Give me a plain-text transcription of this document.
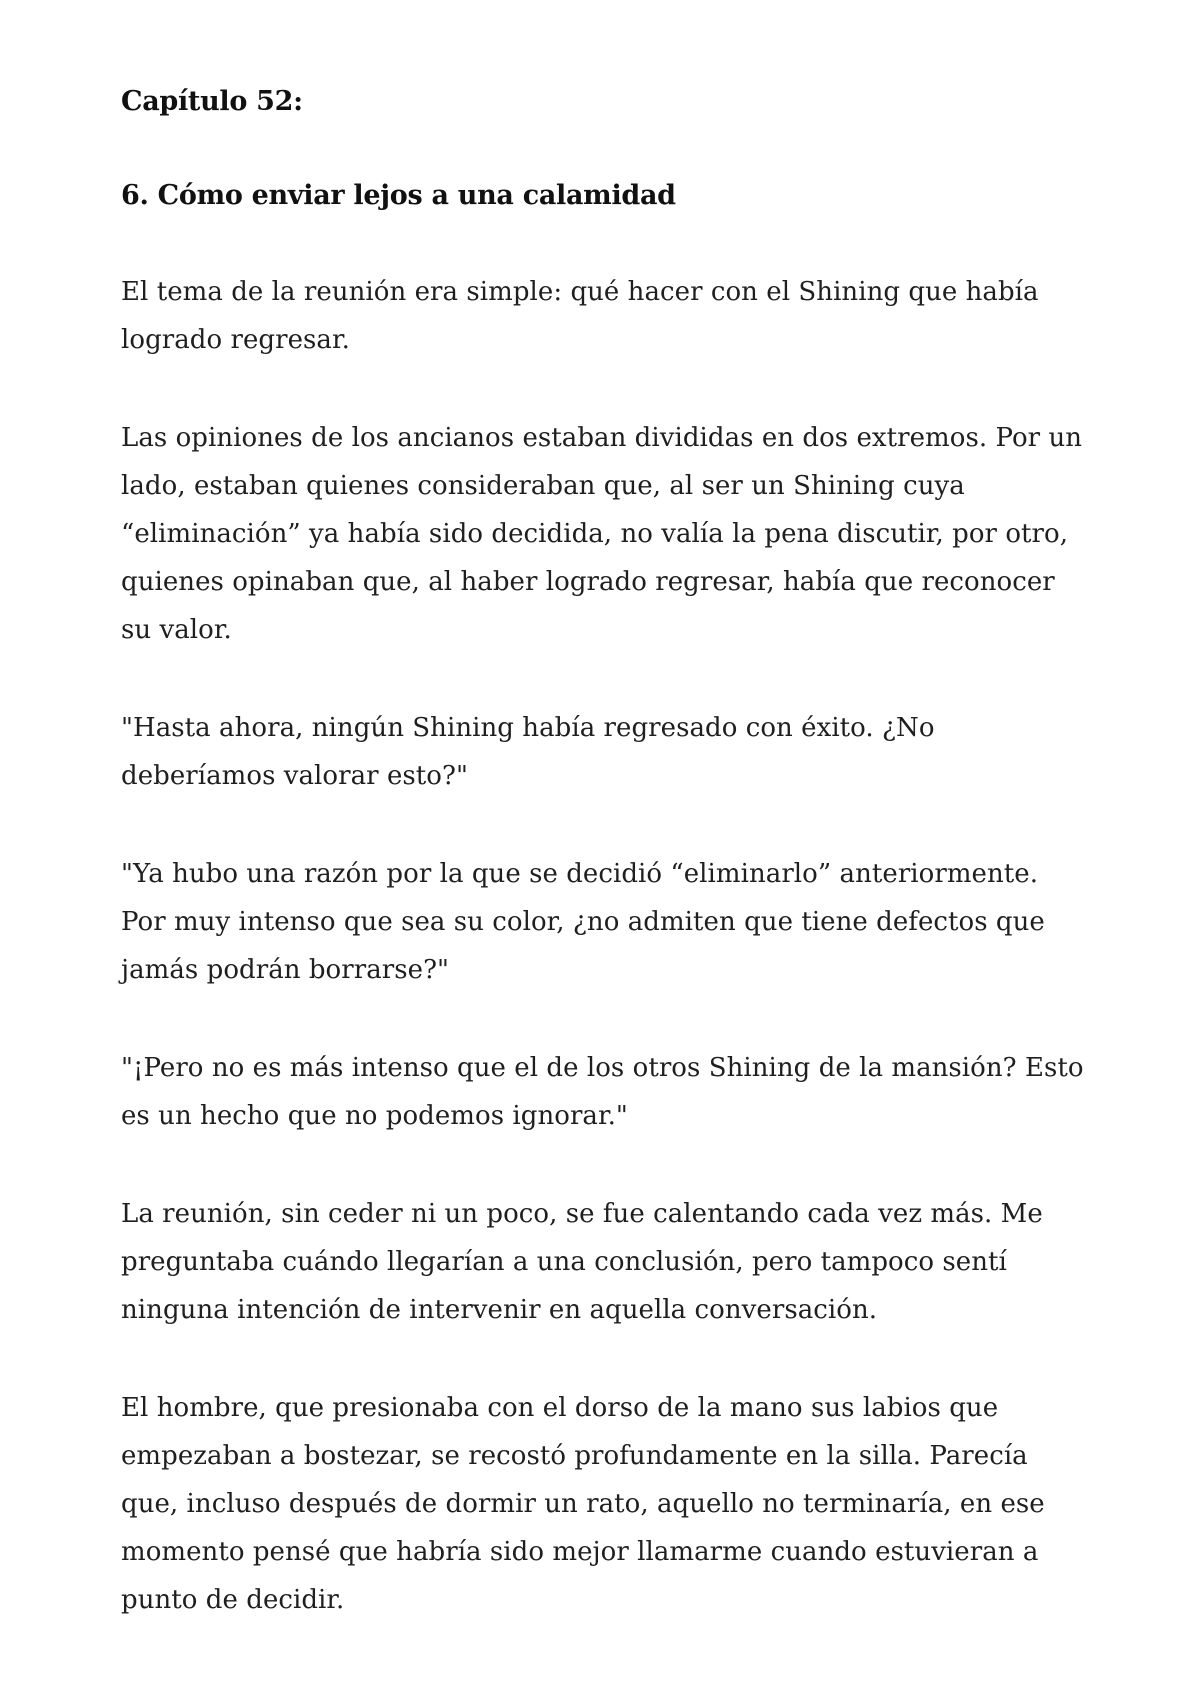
Capítulo 52:
6. Cómo enviar lejos a una calamidad

El tema de la reunión era simple: qué hacer con el Shining que había logrado regresar.

Las opiniones de los ancianos estaban divididas en dos extremos. Por un lado, estaban quienes consideraban que, al ser un Shining cuya “eliminación” ya había sido decidida, no valía la pena discutir, por otro, quienes opinaban que, al haber logrado regresar, había que reconocer su valor.

"Hasta ahora, ningún Shining había regresado con éxito. ¿No deberíamos valorar esto?"

"Ya hubo una razón por la que se decidió “eliminarlo” anteriormente. Por muy intenso que sea su color, ¿no admiten que tiene defectos que jamás podrán borrarse?"

"¡Pero no es más intenso que el de los otros Shining de la mansión? Esto es un hecho que no podemos ignorar."

La reunión, sin ceder ni un poco, se fue calentando cada vez más. Me preguntaba cuándo llegarían a una conclusión, pero tampoco sentí ninguna intención de intervenir en aquella conversación.

El hombre, que presionaba con el dorso de la mano sus labios que empezaban a bostezar, se recostó profundamente en la silla. Parecía que, incluso después de dormir un rato, aquello no terminaría, en ese momento pensé que habría sido mejor llamarme cuando estuvieran a punto de decidir.
